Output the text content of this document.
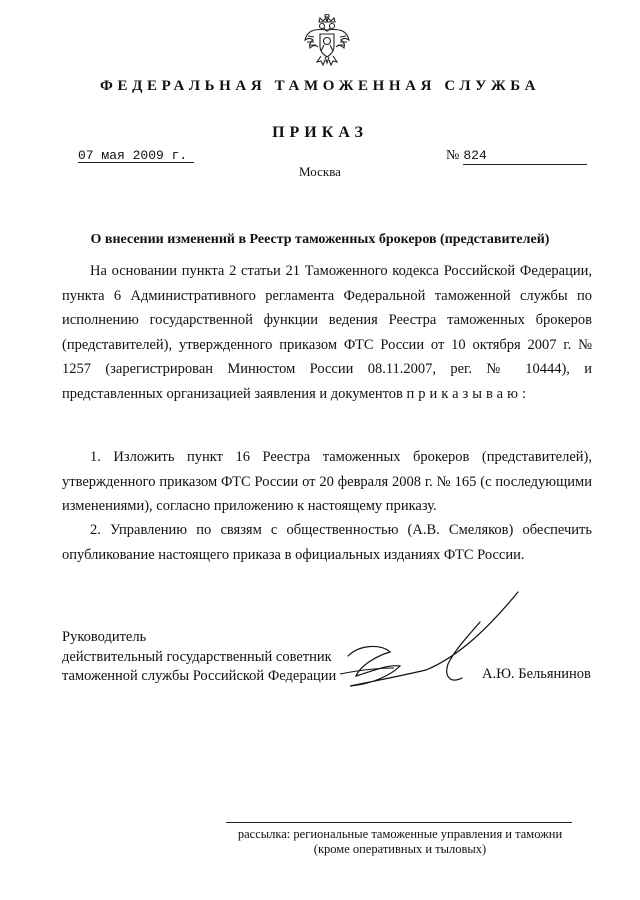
ФЕДЕРАЛЬНАЯ ТАМОЖЕННАЯ СЛУЖБА
ПРИКАЗ
07 мая 2009 г.	№ 824
Москва
О внесении изменений в Реестр таможенных брокеров (представителей)
На основании пункта 2 статьи 21 Таможенного кодекса Российской Федерации, пункта 6 Административного регламента Федеральной таможенной службы по исполнению государственной функции ведения Реестра таможенных брокеров (представителей), утвержденного приказом ФТС России от 10 октября 2007 г. № 1257 (зарегистрирован Минюстом России 08.11.2007, рег. № 10444), и представленных организацией заявления и документов приказываю:
1. Изложить пункт 16 Реестра таможенных брокеров (представителей), утвержденного приказом ФТС России от 20 февраля 2008 г. № 165 (с последующими изменениями), согласно приложению к настоящему приказу.
2. Управлению по связям с общественностью (А.В. Смеляков) обеспечить опубликование настоящего приказа в официальных изданиях ФТС России.
Руководитель
действительный государственный советник
таможенной службы Российской Федерации	А.Ю. Бельянинов
рассылка: региональные таможенные управления и таможни
(кроме оперативных и тыловых)
